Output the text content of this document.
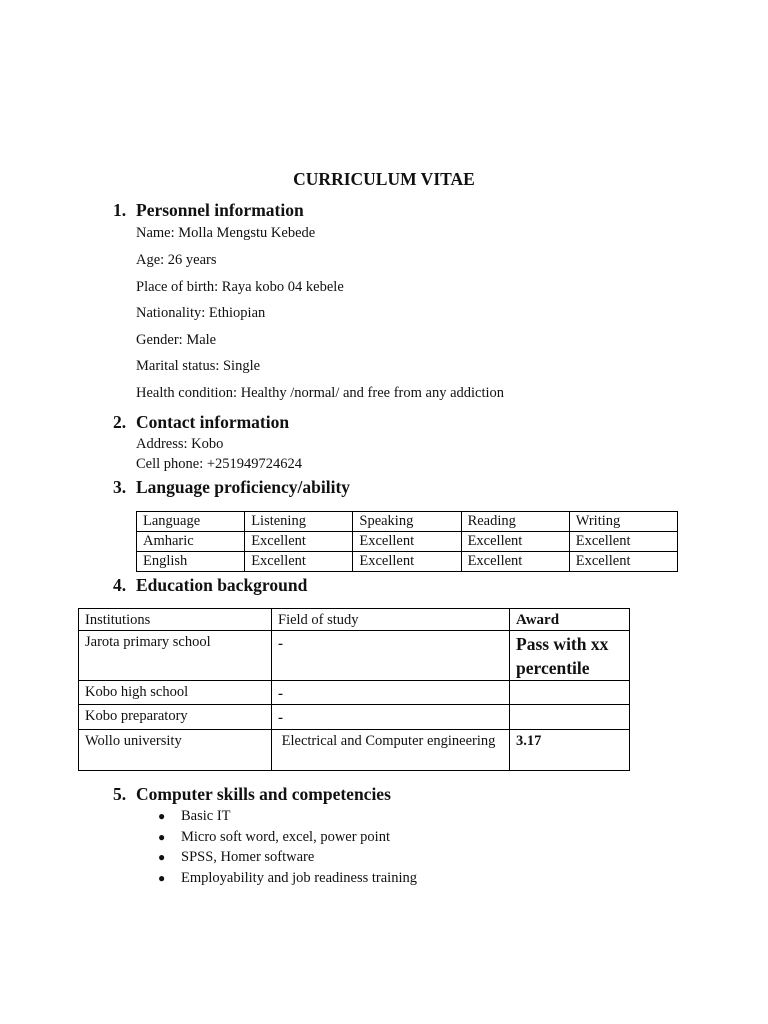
CURRICULUM VITAE
1. Personnel information
Name: Molla Mengstu Kebede
Age: 26 years
Place of birth: Raya kobo 04 kebele
Nationality: Ethiopian
Gender: Male
Marital status: Single
Health condition: Healthy /normal/ and free from any addiction
2. Contact information
Address: Kobo
Cell phone: +251949724624
3. Language proficiency/ability
Language	Listening	Speaking	Reading	Writing
Amharic	Excellent	Excellent	Excellent	Excellent
English	Excellent	Excellent	Excellent	Excellent
4. Education background
Institutions	Field of study	Award
Jarota primary school	-	Pass with xx percentile
Kobo high school	-	
Kobo preparatory	-	
Wollo university	Electrical and Computer engineering	3.17
5. Computer skills and competencies
● Basic IT
● Micro soft word, excel, power point
● SPSS, Homer software
● Employability and job readiness training
